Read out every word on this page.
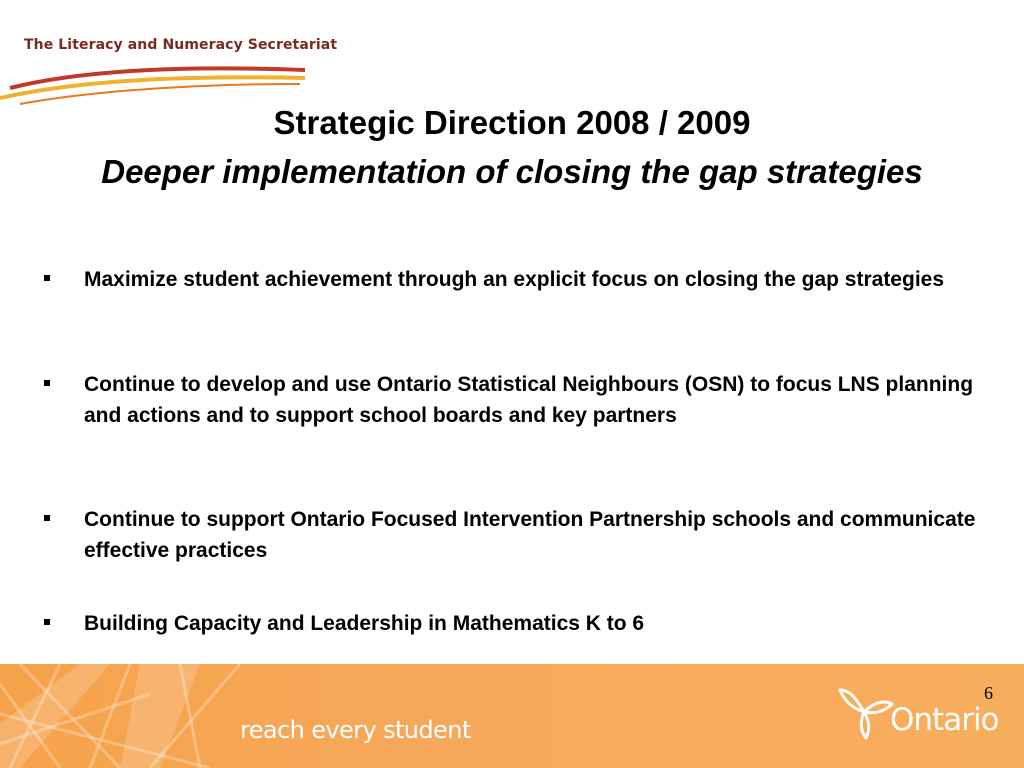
The Literacy and Numeracy Secretariat
Strategic Direction 2008 / 2009
Deeper implementation of closing the gap strategies
Maximize student achievement through an explicit focus on closing the gap strategies
Continue to develop and use Ontario Statistical Neighbours (OSN) to focus LNS planning and actions and to support school boards and key partners
Continue to support Ontario Focused Intervention Partnership schools and communicate effective practices
Building Capacity and Leadership in Mathematics K to 6
reach every student
6
Ontario
